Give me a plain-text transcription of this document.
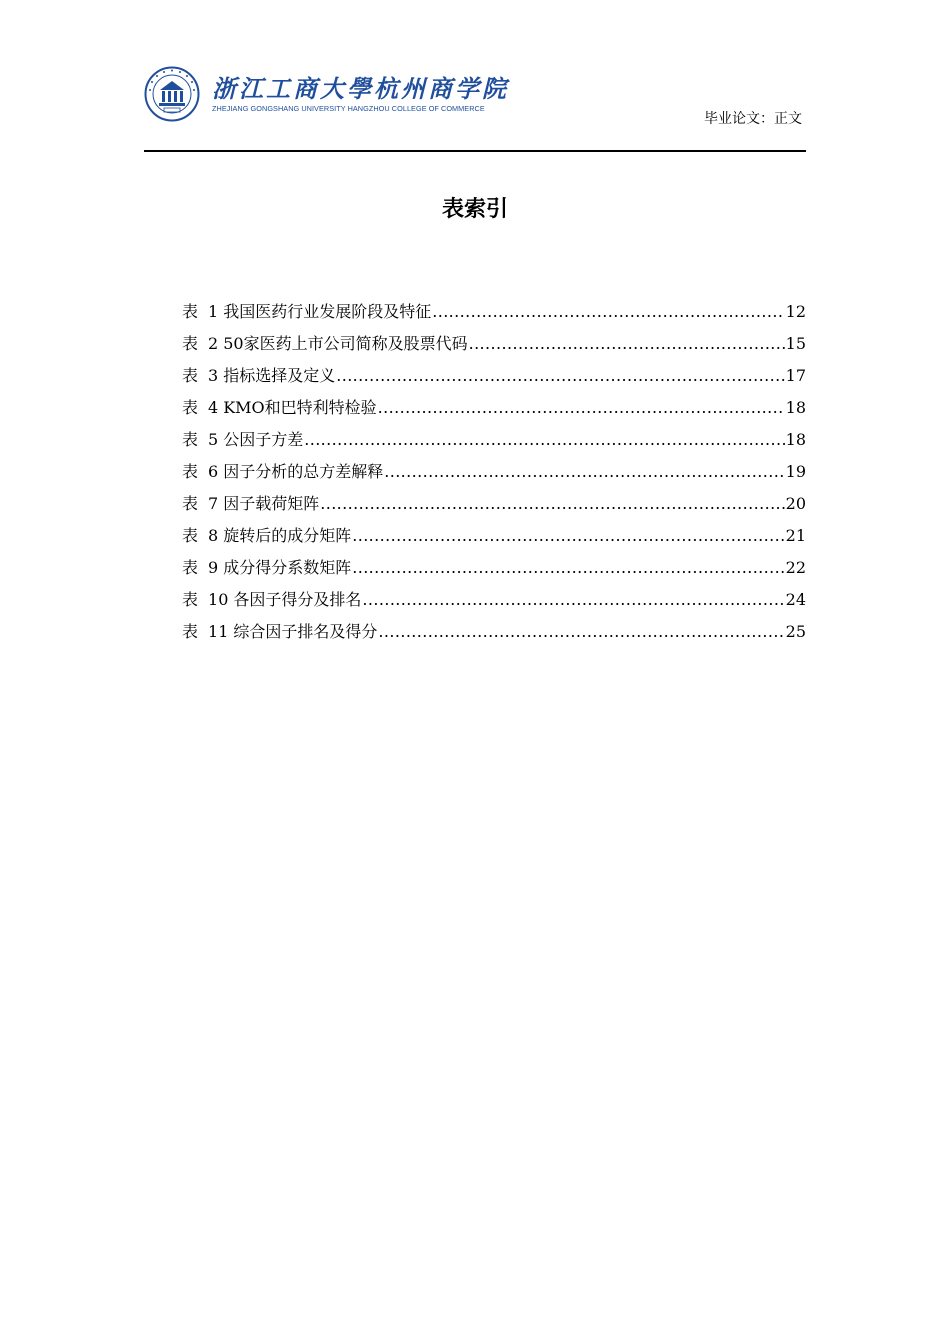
浙江工商大學杭州商学院
ZHEJIANG GONGSHANG UNIVERSITY HANGZHOU COLLEGE OF COMMERCE
毕业论文：正文
表索引
表 1 我国医药行业发展阶段及特征 .....	12
表 2 50家医药上市公司简称及股票代码 .....	15
表 3 指标选择及定义 .....	17
表 4 KMO和巴特利特检验 .....	18
表 5 公因子方差 .....	18
表 6 因子分析的总方差解释 .....	19
表 7 因子载荷矩阵 .....	20
表 8 旋转后的成分矩阵 .....	21
表 9 成分得分系数矩阵 .....	22
表 10 各因子得分及排名 .....	24
表 11 综合因子排名及得分 .....	25
